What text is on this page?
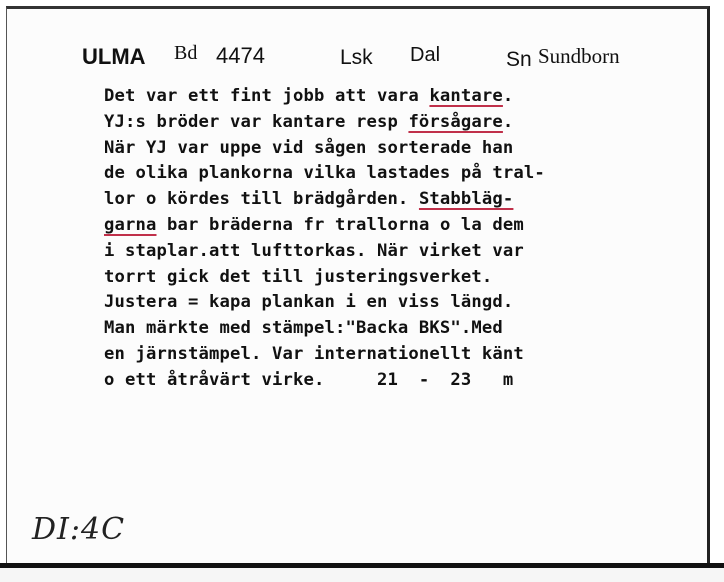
ULMA Bd 4474	Lsk Dal	Sn Sundborn
Det var ett fint jobb att vara kantare.
YJ:s bröder var kantare resp försågare.
När YJ var uppe vid sågen sorterade han
de olika plankorna vilka lastades på tral-
lor o kördes till brädgården. Stabbläg-
garna bar bräderna fr trallorna o la dem
i staplar.att lufttorkas. När virket var
torrt gick det till justeringsverket.
Justera = kapa plankan i en viss längd.
Man märkte med stämpel:"Backa BKS".Med
en järnstämpel. Var internationellt känt
o ett åtråvärt virke.     21  -  23   m
DI:4C
